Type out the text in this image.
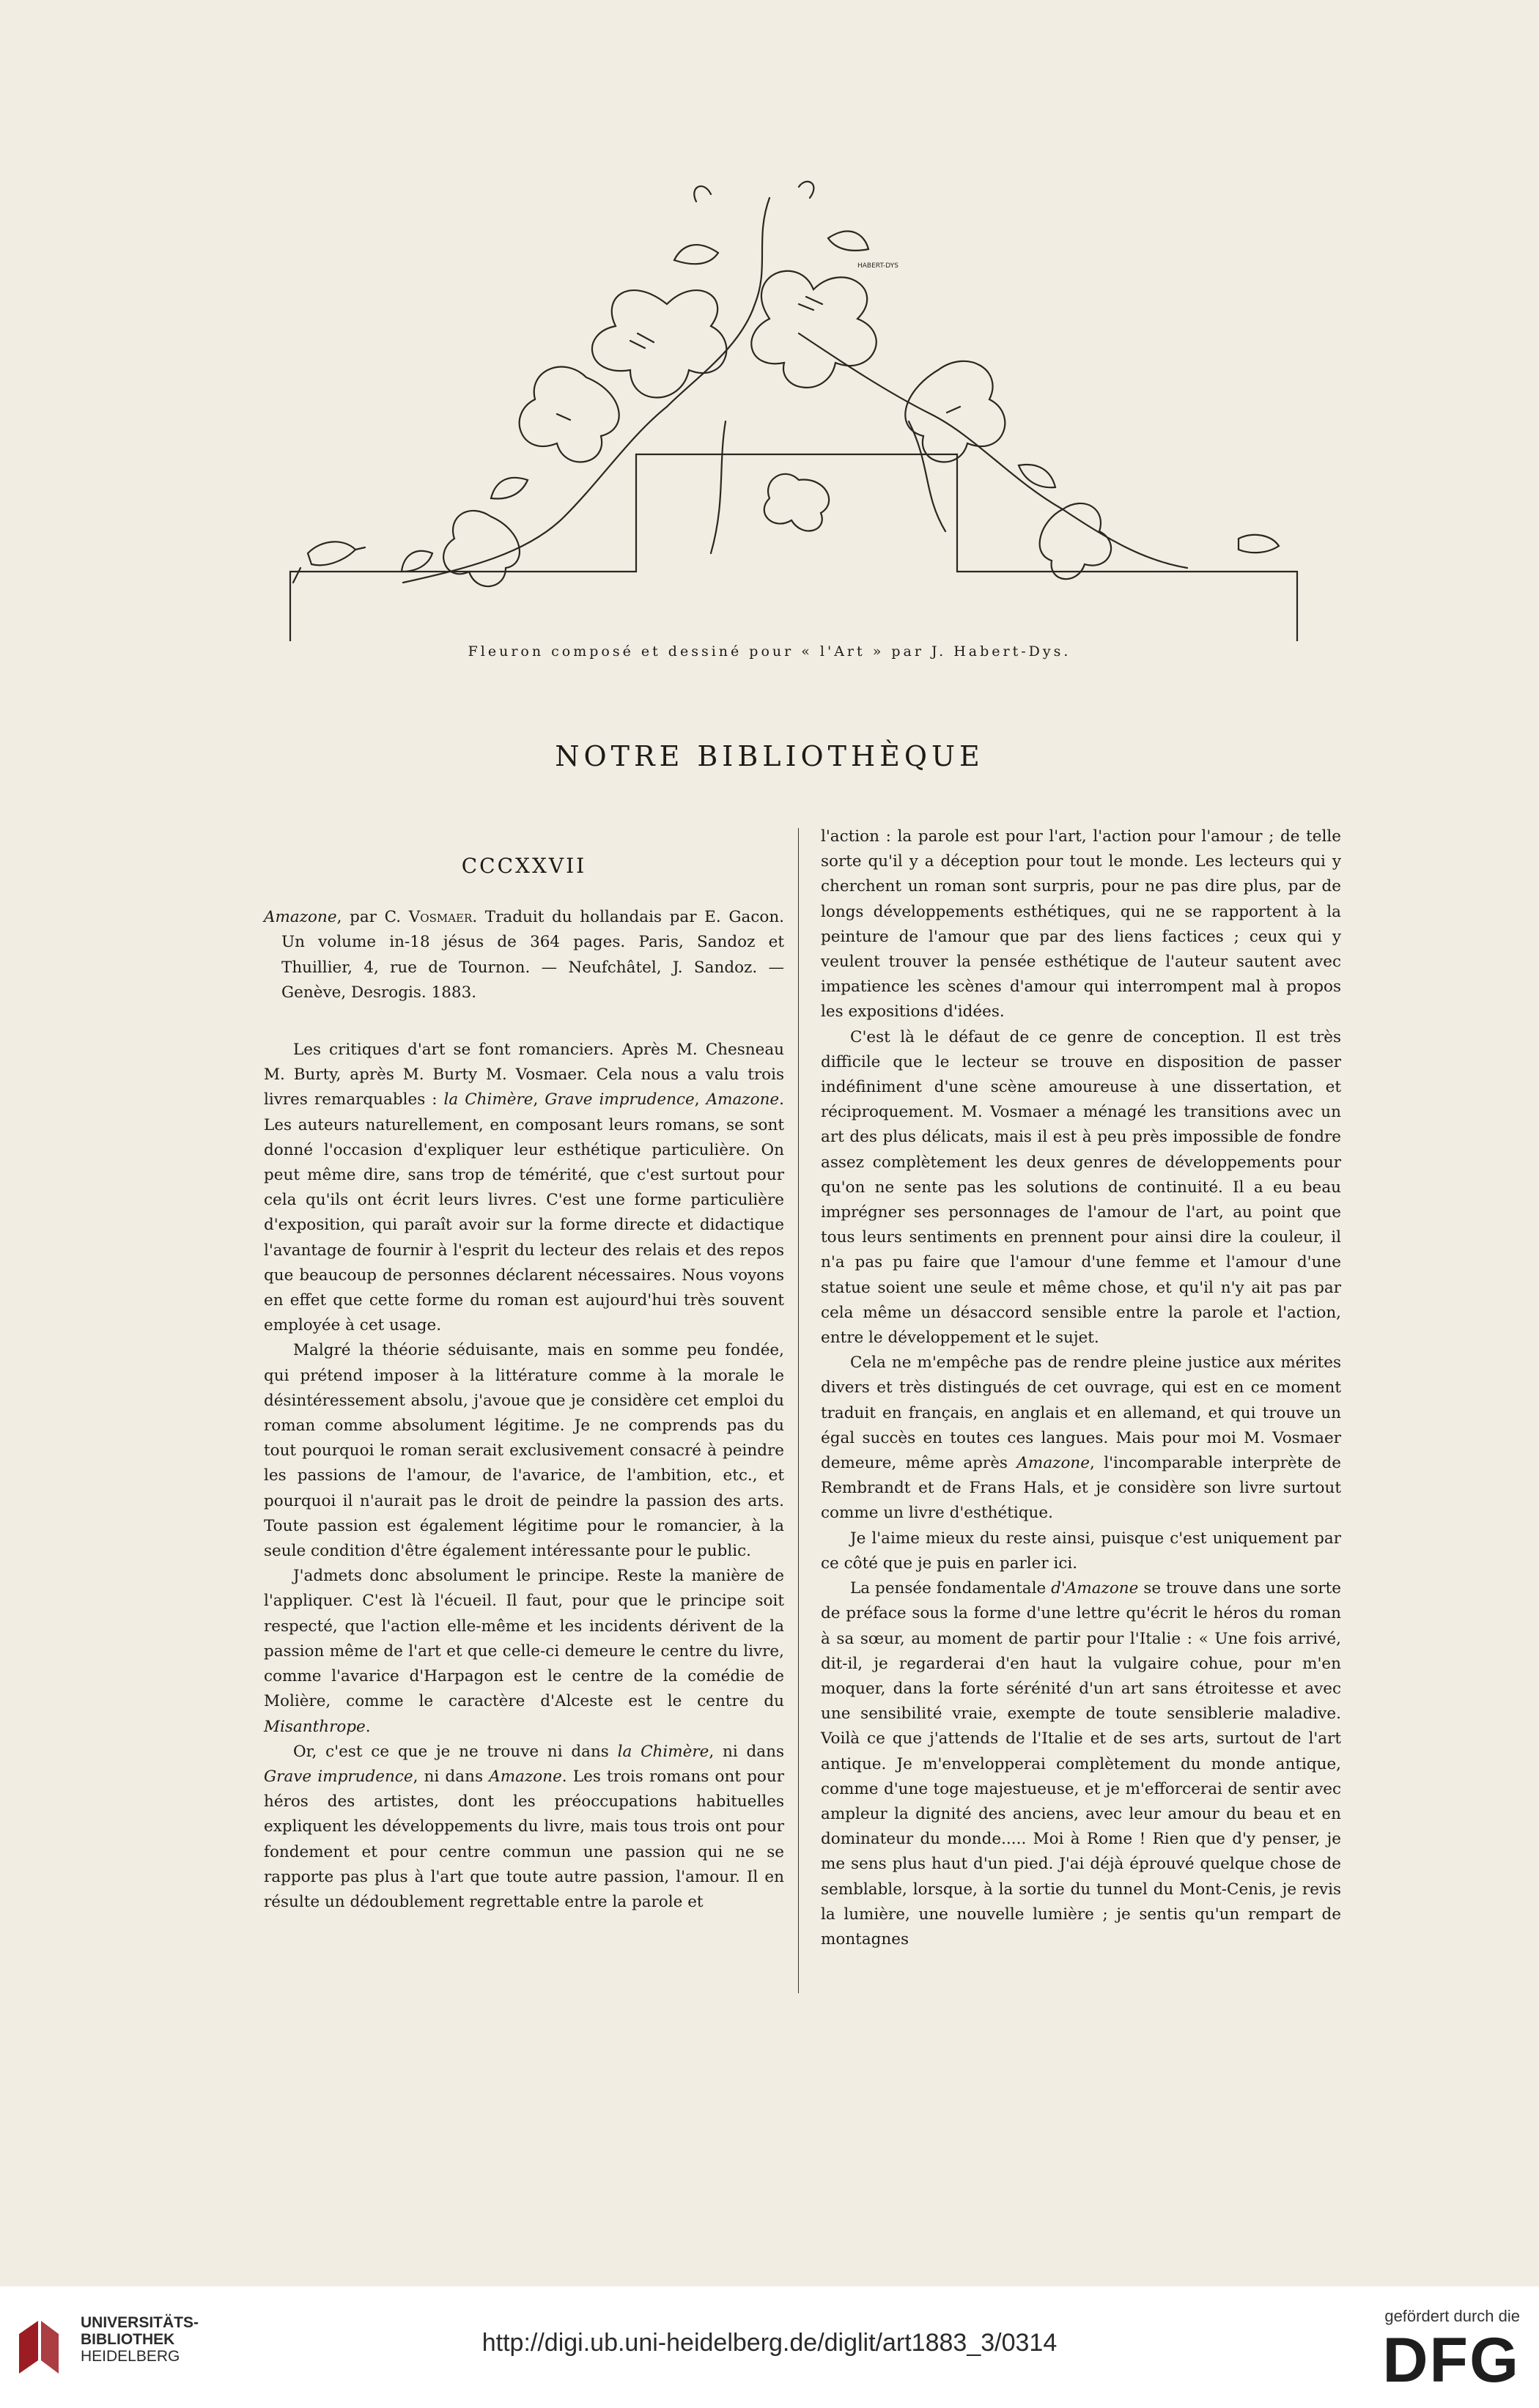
HABERT-DYS
Fleuron composé et dessiné pour « l'Art » par J. Habert-Dys.
NOTRE BIBLIOTHÈQUE
CCCXXVII
Amazone, par C. Vosmaer. Traduit du hollandais par E. Gacon. Un volume in-18 jésus de 364 pages. Paris, Sandoz et Thuillier, 4, rue de Tournon. — Neufchâtel, J. Sandoz. — Genève, Desrogis. 1883.

Les critiques d'art se font romanciers. Après M. Chesneau M. Burty, après M. Burty M. Vosmaer. Cela nous a valu trois livres remarquables : la Chimère, Grave imprudence, Amazone. Les auteurs naturellement, en composant leurs romans, se sont donné l'occasion d'expliquer leur esthétique particulière. On peut même dire, sans trop de témérité, que c'est surtout pour cela qu'ils ont écrit leurs livres. C'est une forme particulière d'exposition, qui paraît avoir sur la forme directe et didactique l'avantage de fournir à l'esprit du lecteur des relais et des repos que beaucoup de personnes déclarent nécessaires. Nous voyons en effet que cette forme du roman est aujourd'hui très souvent employée à cet usage.

Malgré la théorie séduisante, mais en somme peu fondée, qui prétend imposer à la littérature comme à la morale le désintéressement absolu, j'avoue que je considère cet emploi du roman comme absolument légitime. Je ne comprends pas du tout pourquoi le roman serait exclusivement consacré à peindre les passions de l'amour, de l'avarice, de l'ambition, etc., et pourquoi il n'aurait pas le droit de peindre la passion des arts. Toute passion est également légitime pour le romancier, à la seule condition d'être également intéressante pour le public.

J'admets donc absolument le principe. Reste la manière de l'appliquer. C'est là l'écueil. Il faut, pour que le principe soit respecté, que l'action elle-même et les incidents dérivent de la passion même de l'art et que celle-ci demeure le centre du livre, comme l'avarice d'Harpagon est le centre de la comédie de Molière, comme le caractère d'Alceste est le centre du Misanthrope.

Or, c'est ce que je ne trouve ni dans la Chimère, ni dans Grave imprudence, ni dans Amazone. Les trois romans ont pour héros des artistes, dont les préoccupations habituelles expliquent les développements du livre, mais tous trois ont pour fondement et pour centre commun une passion qui ne se rapporte pas plus à l'art que toute autre passion, l'amour. Il en résulte un dédoublement regrettable entre la parole et

l'action : la parole est pour l'art, l'action pour l'amour ; de telle sorte qu'il y a déception pour tout le monde. Les lecteurs qui y cherchent un roman sont surpris, pour ne pas dire plus, par de longs développements esthétiques, qui ne se rapportent à la peinture de l'amour que par des liens factices ; ceux qui y veulent trouver la pensée esthétique de l'auteur sautent avec impatience les scènes d'amour qui interrompent mal à propos les expositions d'idées.

C'est là le défaut de ce genre de conception. Il est très difficile que le lecteur se trouve en disposition de passer indéfiniment d'une scène amoureuse à une dissertation, et réciproquement. M. Vosmaer a ménagé les transitions avec un art des plus délicats, mais il est à peu près impossible de fondre assez complètement les deux genres de développements pour qu'on ne sente pas les solutions de continuité. Il a eu beau imprégner ses personnages de l'amour de l'art, au point que tous leurs sentiments en prennent pour ainsi dire la couleur, il n'a pas pu faire que l'amour d'une femme et l'amour d'une statue soient une seule et même chose, et qu'il n'y ait pas par cela même un désaccord sensible entre la parole et l'action, entre le développement et le sujet.

Cela ne m'empêche pas de rendre pleine justice aux mérites divers et très distingués de cet ouvrage, qui est en ce moment traduit en français, en anglais et en allemand, et qui trouve un égal succès en toutes ces langues. Mais pour moi M. Vosmaer demeure, même après Amazone, l'incomparable interprète de Rembrandt et de Frans Hals, et je considère son livre surtout comme un livre d'esthétique.

Je l'aime mieux du reste ainsi, puisque c'est uniquement par ce côté que je puis en parler ici.

La pensée fondamentale d'Amazone se trouve dans une sorte de préface sous la forme d'une lettre qu'écrit le héros du roman à sa sœur, au moment de partir pour l'Italie : « Une fois arrivé, dit-il, je regarderai d'en haut la vulgaire cohue, pour m'en moquer, dans la forte sérénité d'un art sans étroitesse et avec une sensibilité vraie, exempte de toute sensiblerie maladive. Voilà ce que j'attends de l'Italie et de ses arts, surtout de l'art antique. Je m'envelopperai complètement du monde antique, comme d'une toge majestueuse, et je m'efforcerai de sentir avec ampleur la dignité des anciens, avec leur amour du beau et en dominateur du monde..... Moi à Rome ! Rien que d'y penser, je me sens plus haut d'un pied. J'ai déjà éprouvé quelque chose de semblable, lorsque, à la sortie du tunnel du Mont-Cenis, je revis la lumière, une nouvelle lumière ; je sentis qu'un rempart de montagnes

UNIVERSITÄTS-
BIBLIOTHEK
HEIDELBERG	http://digi.ub.uni-heidelberg.de/diglit/art1883_3/0314
gefördert durch die
DFG
